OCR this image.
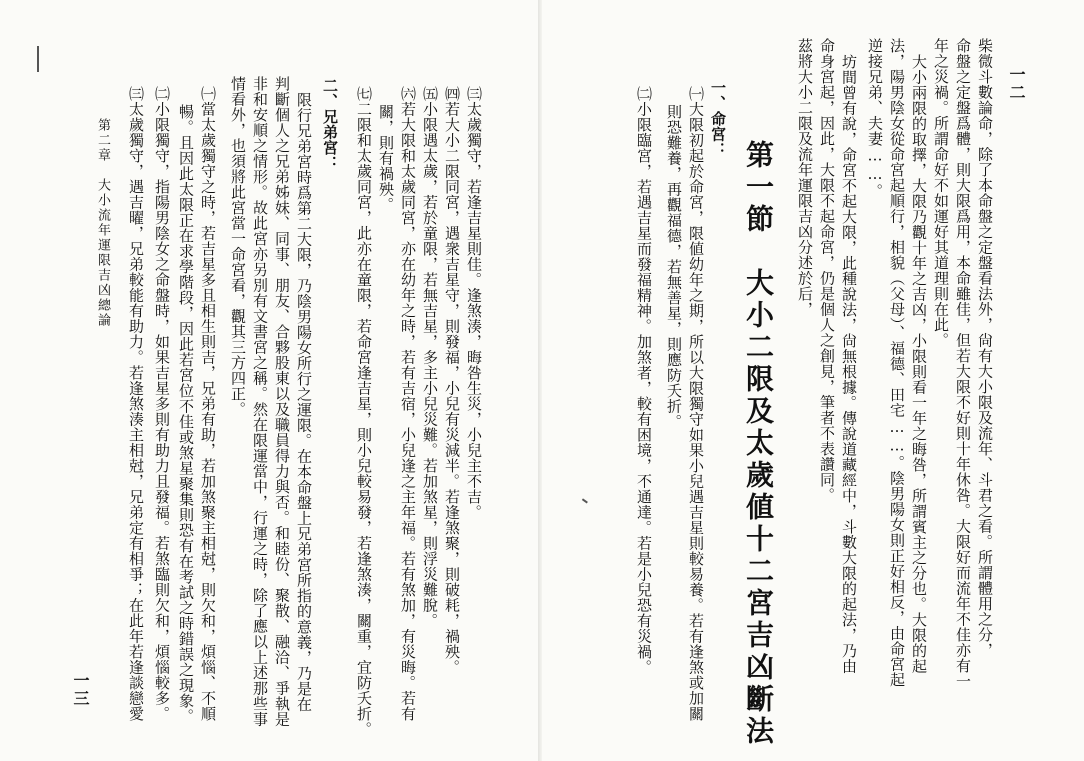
一二
柴微斗數論命，除了本命盤之定盤看法外，尙有大小限及流年、斗君之看。所謂體用之分，
命盤之定盤爲體，則大限爲用，本命雖佳，但若大限不好則十年休咎。大限好而流年不佳亦有一
年之災禍。所謂命好不如運好其道理則在此。
大小兩限的取擇，大限乃觀十年之吉凶，小限則看一年之晦咎，所謂賓主之分也。大限的起
法，陽男陰女從命宮起順行，相貌（父母）、福德、田宅……。陰男陽女則正好相反，由命宮起
逆接兄弟、夫妻……。
坊間曾有說，命宮不起大限，此種說法，尙無根據。傳說道藏經中，斗數大限的起法，乃由
命身宮起，因此，大限不起命宮，仍是個人之創見，筆者不表讚同。
茲將大小二限及流年運限吉凶分述於后，
第一節　大小二限及太歲値十二宮吉凶斷法
一、命宮：
㈠大限初起於命宮，限値幼年之期，所以大限獨守如果小兒遇吉星則較易養。若有逢煞或加關
則恐難養，再觀福德，若無善星，則應防夭折。
㈡小限臨宮，若遇吉星而發福精神。加煞者，較有困境，不通達。若是小兒恐有災禍。
㈢太歲獨守，若逢吉星則佳。逢煞湊，晦咎生災，小兒主不吉。
㈣若大小二限同宮，遇衆吉星守，則發福，小兒有災減半。若逢煞聚，則破耗，禍殃。
㈤小限遇太歲，若於童限，若無吉星，多主小兒災難。若加煞星，則浮災難脫。
㈥若大限和太歲同宮，亦在幼年之時，若有吉宿，小兒逢之主年福。若有煞加，有災晦。若有
關，則有禍殃。
㈦二限和太歲同宮，此亦在童限，若命宮逢吉星，則小兒較易發，若逢煞湊，關重，宜防夭折。
二、兄弟宮：
限行兄弟宮時爲第二大限，乃陰男陽女所行之運限。在本命盤上兄弟宮所指的意義，乃是在
判斷個人之兄弟姊妹、同事、朋友、合夥股東以及職員得力與否。和睦份、聚散、融洽、爭執是
非和安順之情形。故此宮亦另別有文書宮之稱。然在限運當中，行運之時，除了應以上述那些事
情看外，也須將此宮當一命宮看，觀其三方四正。
㈠當太歲獨守之時，若吉星多且相生則吉，兄弟有助，若加煞聚主相尅，則欠和，煩惱、不順
暢。且因此太限正在求學階段，因此若宮位不佳或煞星聚集則恐有在考試之時錯誤之現象。
㈡小限獨守，指陽男陰女之命盤時，如果吉星多則有助力且發福。若煞臨則欠和，煩惱較多。
㈢太歲獨守，遇吉曜，兄弟較能有助力。若逢煞湊主相尅，兄弟定有相爭；在此年若逢談戀愛
第二章　大小流年運限吉凶總論
一三
